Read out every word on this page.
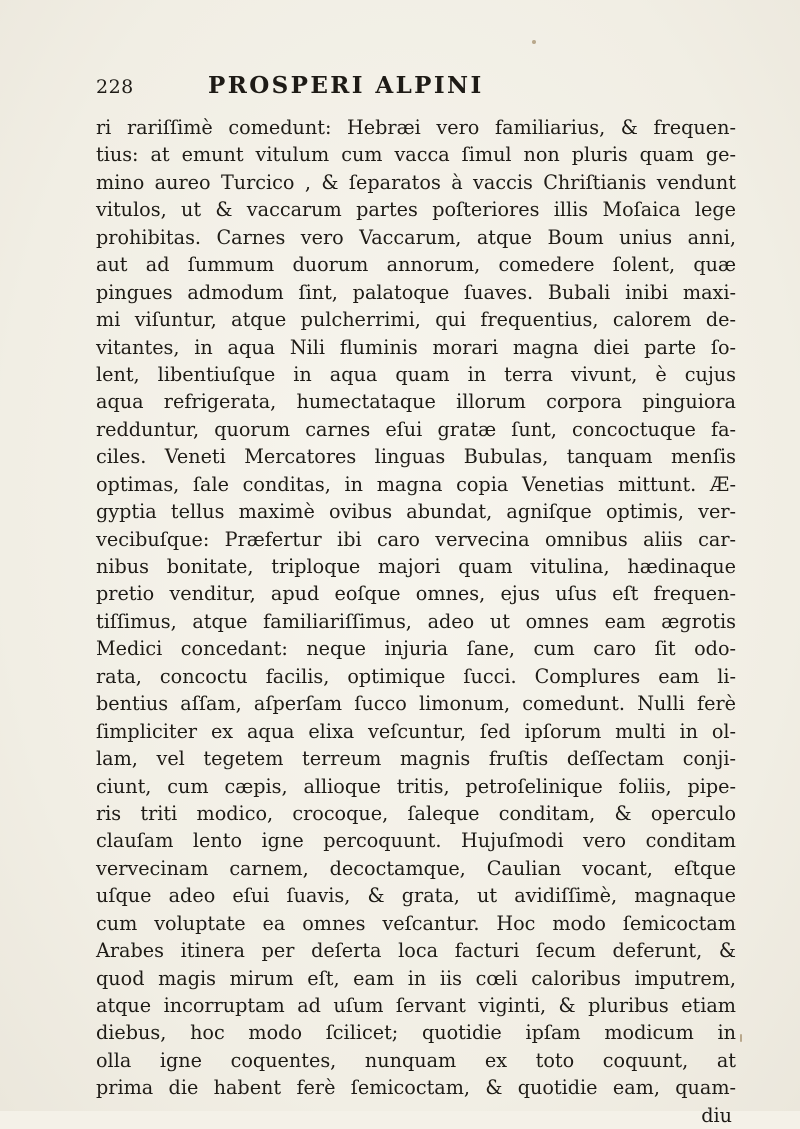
228	PROSPERI ALPINI
ri rariſſimè comedunt: Hebræi vero familiarius, & frequen-
tius: at emunt vitulum cum vacca ſimul non pluris quam ge-
mino aureo Turcico , & ſeparatos à vaccis Chriſtianis vendunt
vitulos, ut & vaccarum partes poſteriores illis Moſaica lege
prohibitas. Carnes vero Vaccarum, atque Boum unius anni,
aut ad ſummum duorum annorum, comedere ſolent, quæ
pingues admodum ſint, palatoque ſuaves. Bubali inibi maxi-
mi viſuntur, atque pulcherrimi, qui frequentius, calorem de-
vitantes, in aqua Nili fluminis morari magna diei parte ſo-
lent, libentiuſque in aqua quam in terra vivunt, è cujus
aqua refrigerata, humectataque illorum corpora pinguiora
redduntur, quorum carnes eſui gratæ ſunt, concoctuque fa-
ciles. Veneti Mercatores linguas Bubulas, tanquam menſis
optimas, ſale conditas, in magna copia Venetias mittunt. Æ-
gyptia tellus maximè ovibus abundat, agniſque optimis, ver-
vecibuſque: Præfertur ibi caro vervecina omnibus aliis car-
nibus bonitate, triploque majori quam vitulina, hædinaque
pretio venditur, apud eoſque omnes, ejus uſus eſt frequen-
tiſſimus, atque familiariſſimus, adeo ut omnes eam ægrotis
Medici concedant: neque injuria ſane, cum caro ſit odo-
rata, concoctu facilis, optimique ſucci. Complures eam li-
bentius aſſam, aſperſam ſucco limonum, comedunt. Nulli ferè
ſimpliciter ex aqua elixa veſcuntur, ſed ipſorum multi in ol-
lam, vel tegetem terreum magnis fruſtis deſſectam conji-
ciunt, cum cæpis, allioque tritis, petroſelinique foliis, pipe-
ris triti modico, crocoque, ſaleque conditam, & operculo
clauſam lento igne percoquunt. Hujuſmodi vero conditam
vervecinam carnem, decoctamque, Caulian vocant, eſtque
uſque adeo eſui ſuavis, & grata, ut avidiſſimè, magnaque
cum voluptate ea omnes veſcantur. Hoc modo ſemicoctam
Arabes itinera per deſerta loca facturi ſecum deferunt, &
quod magis mirum eſt, eam in iis cœli caloribus imputrem,
atque incorruptam ad uſum ſervant viginti, & pluribus etiam
diebus, hoc modo ſcilicet; quotidie ipſam modicum in
olla igne coquentes, nunquam ex toto coquunt, at
prima die habent ferè ſemicoctam, & quotidie eam, quam-
diu
